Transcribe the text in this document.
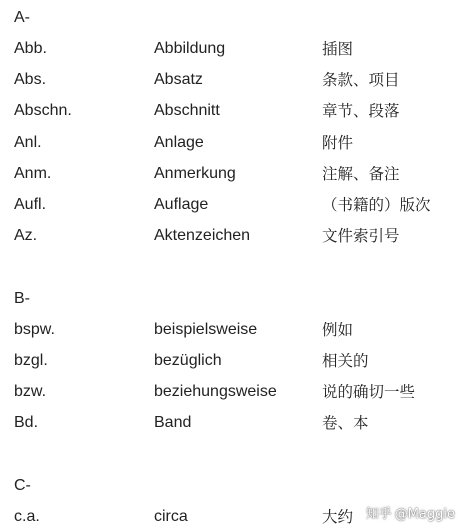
A-
Abb.	Abbildung	插图
Abs.	Absatz	条款、项目
Abschn.	Abschnitt	章节、段落
Anl.	Anlage	附件
Anm.	Anmerkung	注解、备注
Aufl.	Auflage	（书籍的）版次
Az.	Aktenzeichen	文件索引号
B-
bspw.	beispielsweise	例如
bzgl.	bezüglich	相关的
bzw.	beziehungsweise	说的确切一些
Bd.	Band	卷、本
C-
c.a.	circa	大约 知乎 @Maggie
